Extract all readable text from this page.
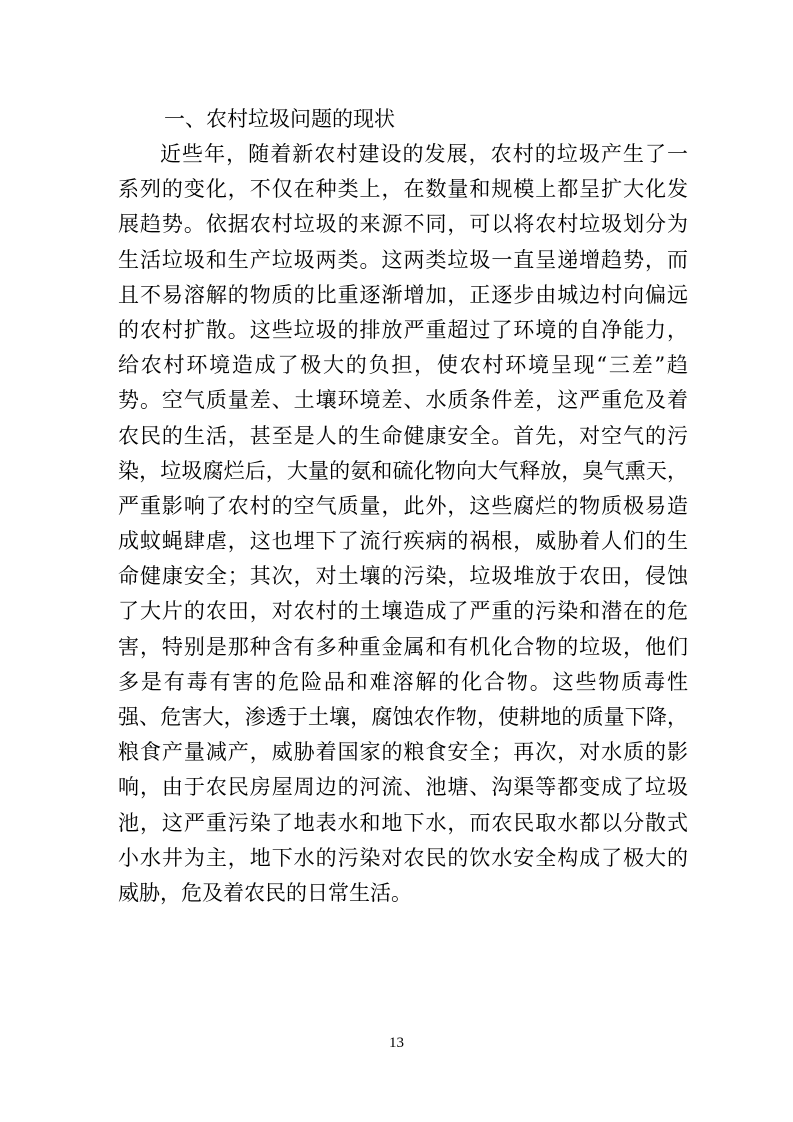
一、农村垃圾问题的现状
近些年，随着新农村建设的发展，农村的垃圾产生了一
系列的变化，不仅在种类上，在数量和规模上都呈扩大化发
展趋势。依据农村垃圾的来源不同，可以将农村垃圾划分为
生活垃圾和生产垃圾两类。这两类垃圾一直呈递增趋势，而
且不易溶解的物质的比重逐渐增加，正逐步由城边村向偏远
的农村扩散。这些垃圾的排放严重超过了环境的自净能力，
给农村环境造成了极大的负担，使农村环境呈现“三差”趋
势。空气质量差、土壤环境差、水质条件差，这严重危及着
农民的生活，甚至是人的生命健康安全。首先，对空气的污
染，垃圾腐烂后，大量的氨和硫化物向大气释放，臭气熏天，
严重影响了农村的空气质量，此外，这些腐烂的物质极易造
成蚊蝇肆虐，这也埋下了流行疾病的祸根，威胁着人们的生
命健康安全；其次，对土壤的污染，垃圾堆放于农田，侵蚀
了大片的农田，对农村的土壤造成了严重的污染和潜在的危
害，特别是那种含有多种重金属和有机化合物的垃圾，他们
多是有毒有害的危险品和难溶解的化合物。这些物质毒性
强、危害大，渗透于土壤，腐蚀农作物，使耕地的质量下降，
粮食产量减产，威胁着国家的粮食安全；再次，对水质的影
响，由于农民房屋周边的河流、池塘、沟渠等都变成了垃圾
池，这严重污染了地表水和地下水，而农民取水都以分散式
小水井为主，地下水的污染对农民的饮水安全构成了极大的
威胁，危及着农民的日常生活。
13
